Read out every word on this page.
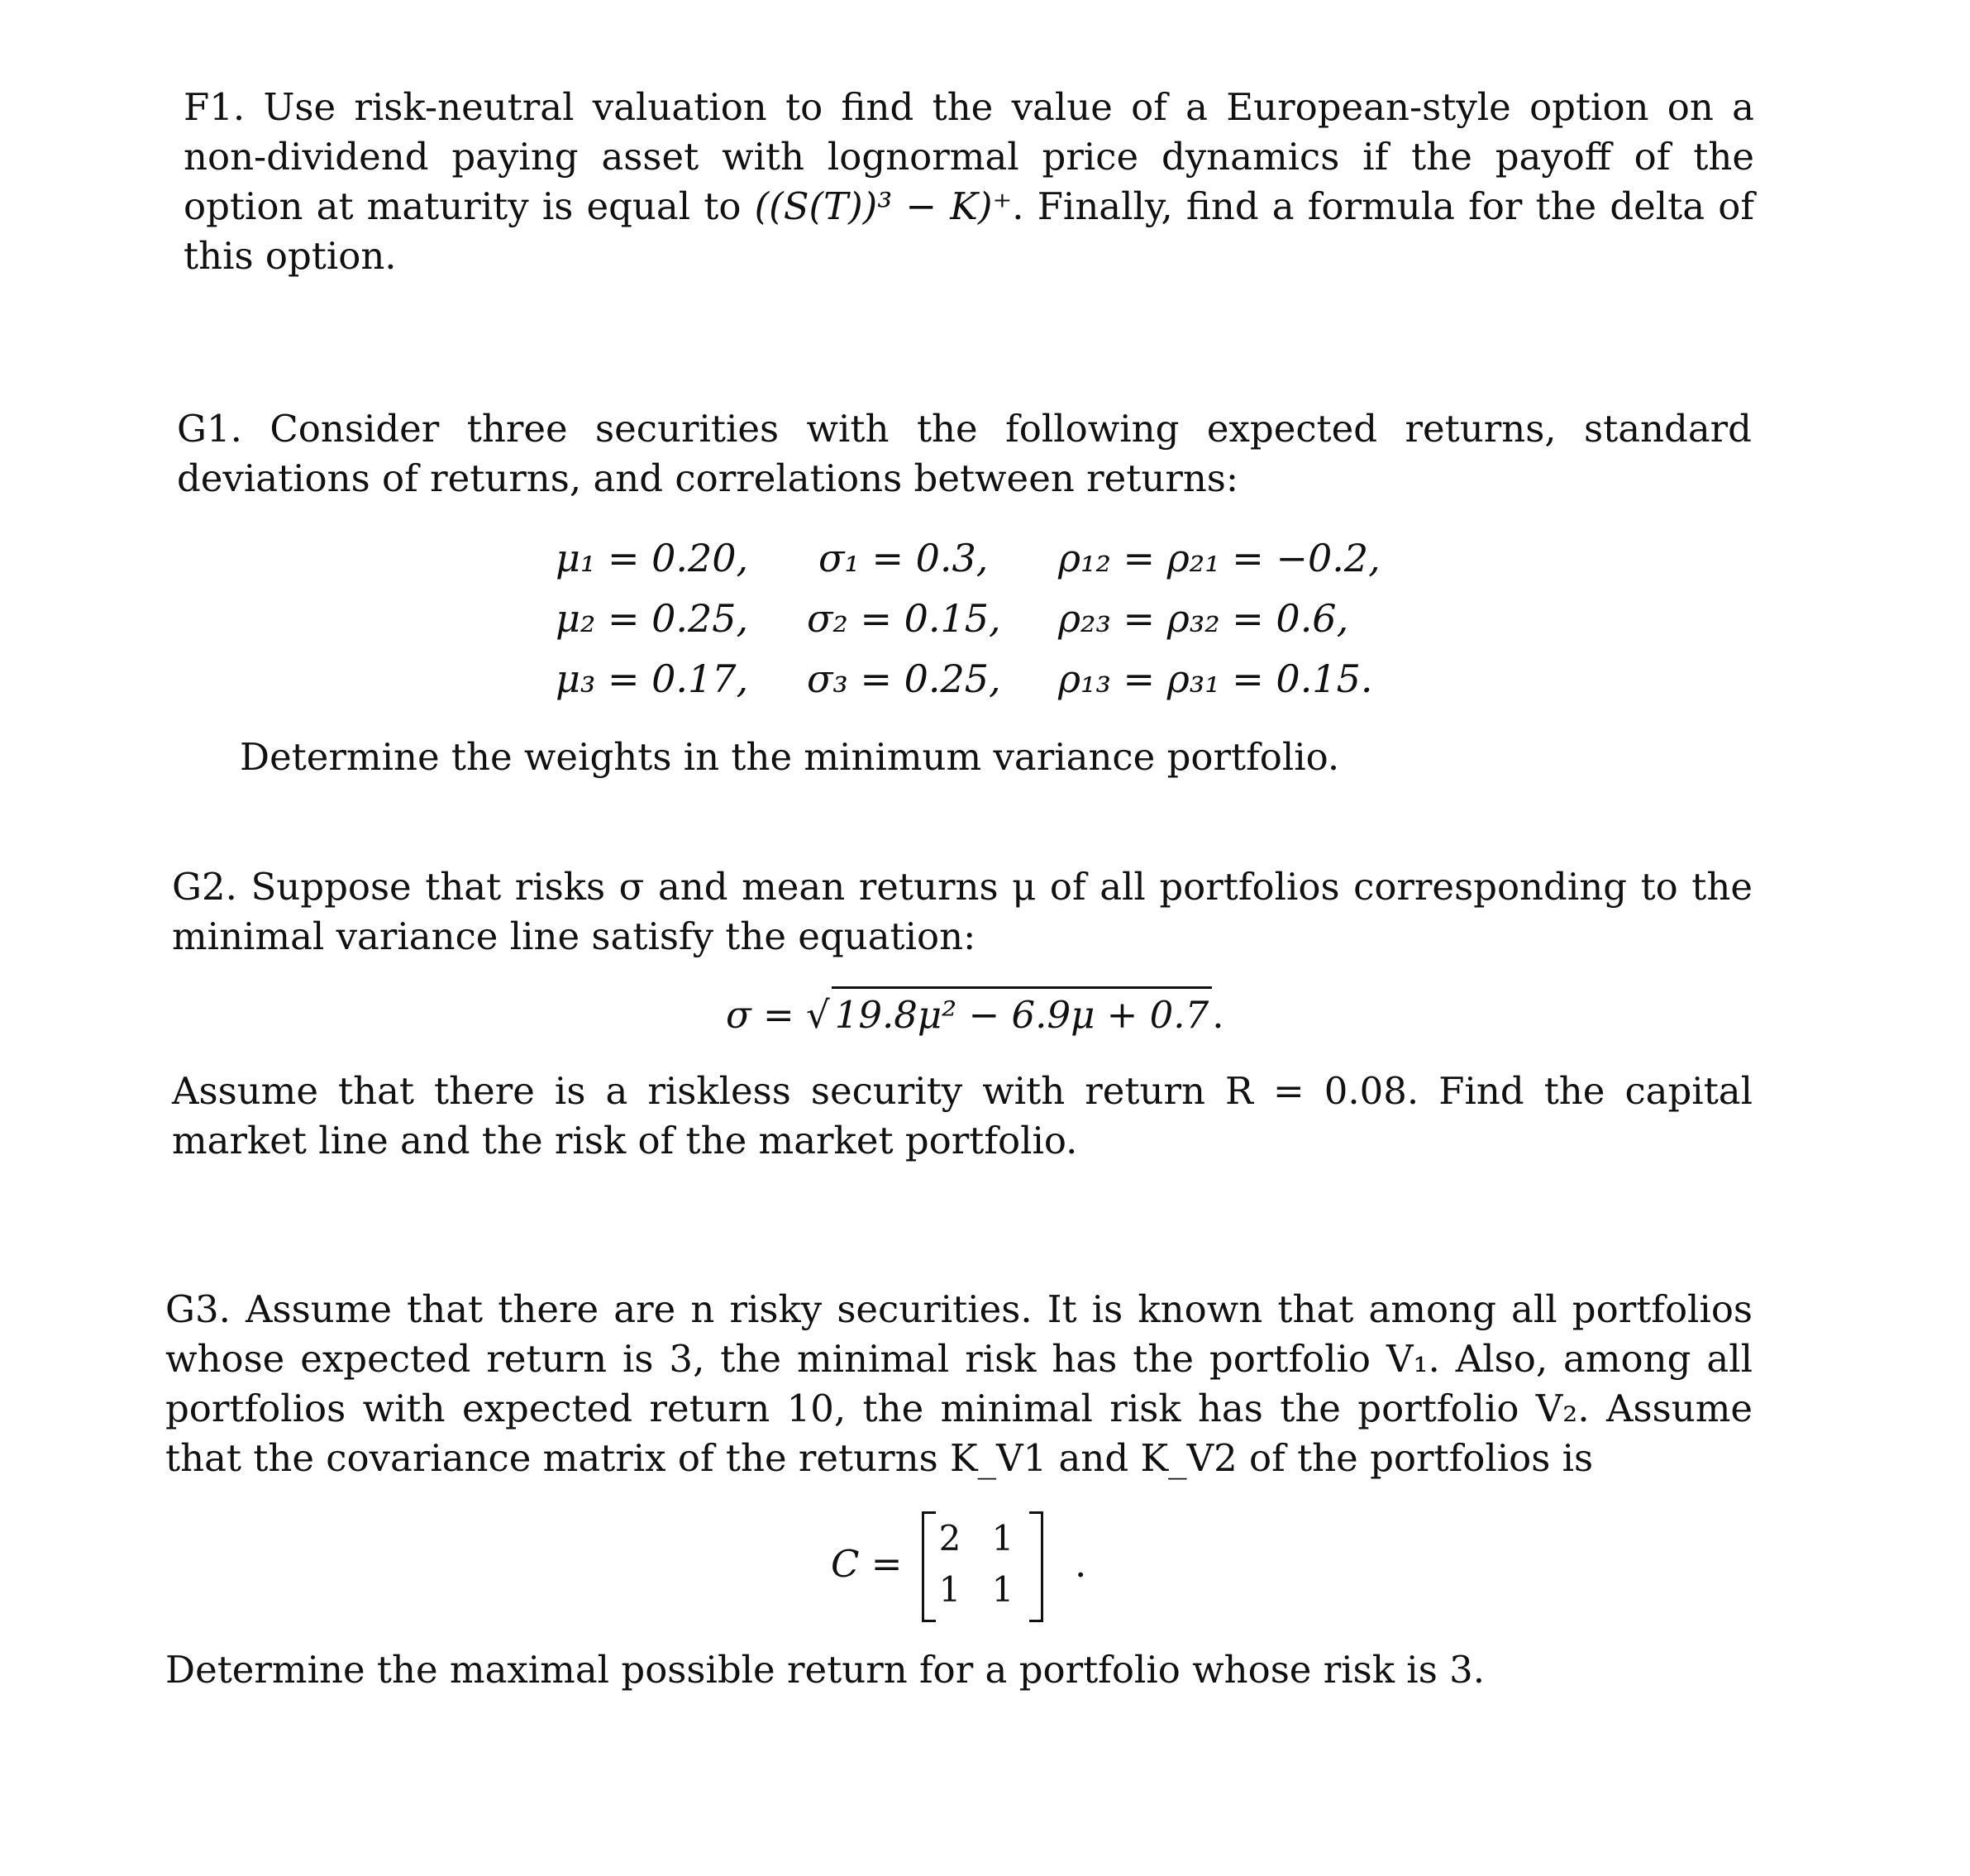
F1. Use risk-neutral valuation to find the value of a European-style option on a non-dividend paying asset with lognormal price dynamics if the payoff of the option at maturity is equal to ((S(T))³ − K)⁺. Finally, find a formula for the delta of this option.

G1. Consider three securities with the following expected returns, standard deviations of returns, and correlations between returns:

μ₁ = 0.20, σ₁ = 0.3, ρ₁₂ = ρ₂₁ = −0.2,
μ₂ = 0.25, σ₂ = 0.15, ρ₂₃ = ρ₃₂ = 0.6,
μ₃ = 0.17, σ₃ = 0.25, ρ₁₃ = ρ₃₁ = 0.15.

Determine the weights in the minimum variance portfolio.

G2. Suppose that risks σ and mean returns μ of all portfolios corresponding to the minimal variance line satisfy the equation:

σ = √ 19.8μ² − 6.9μ + 0.7.

Assume that there is a riskless security with return R = 0.08. Find the capital market line and the risk of the market portfolio.

G3. Assume that there are n risky securities. It is known that among all portfolios whose expected return is 3, the minimal risk has the portfolio V₁. Also, among all portfolios with expected return 10, the minimal risk has the portfolio V₂. Assume that the covariance matrix of the returns K_V1 and K_V2 of the portfolios is

C =
2 1
1 1
.

Determine the maximal possible return for a portfolio whose risk is 3.
